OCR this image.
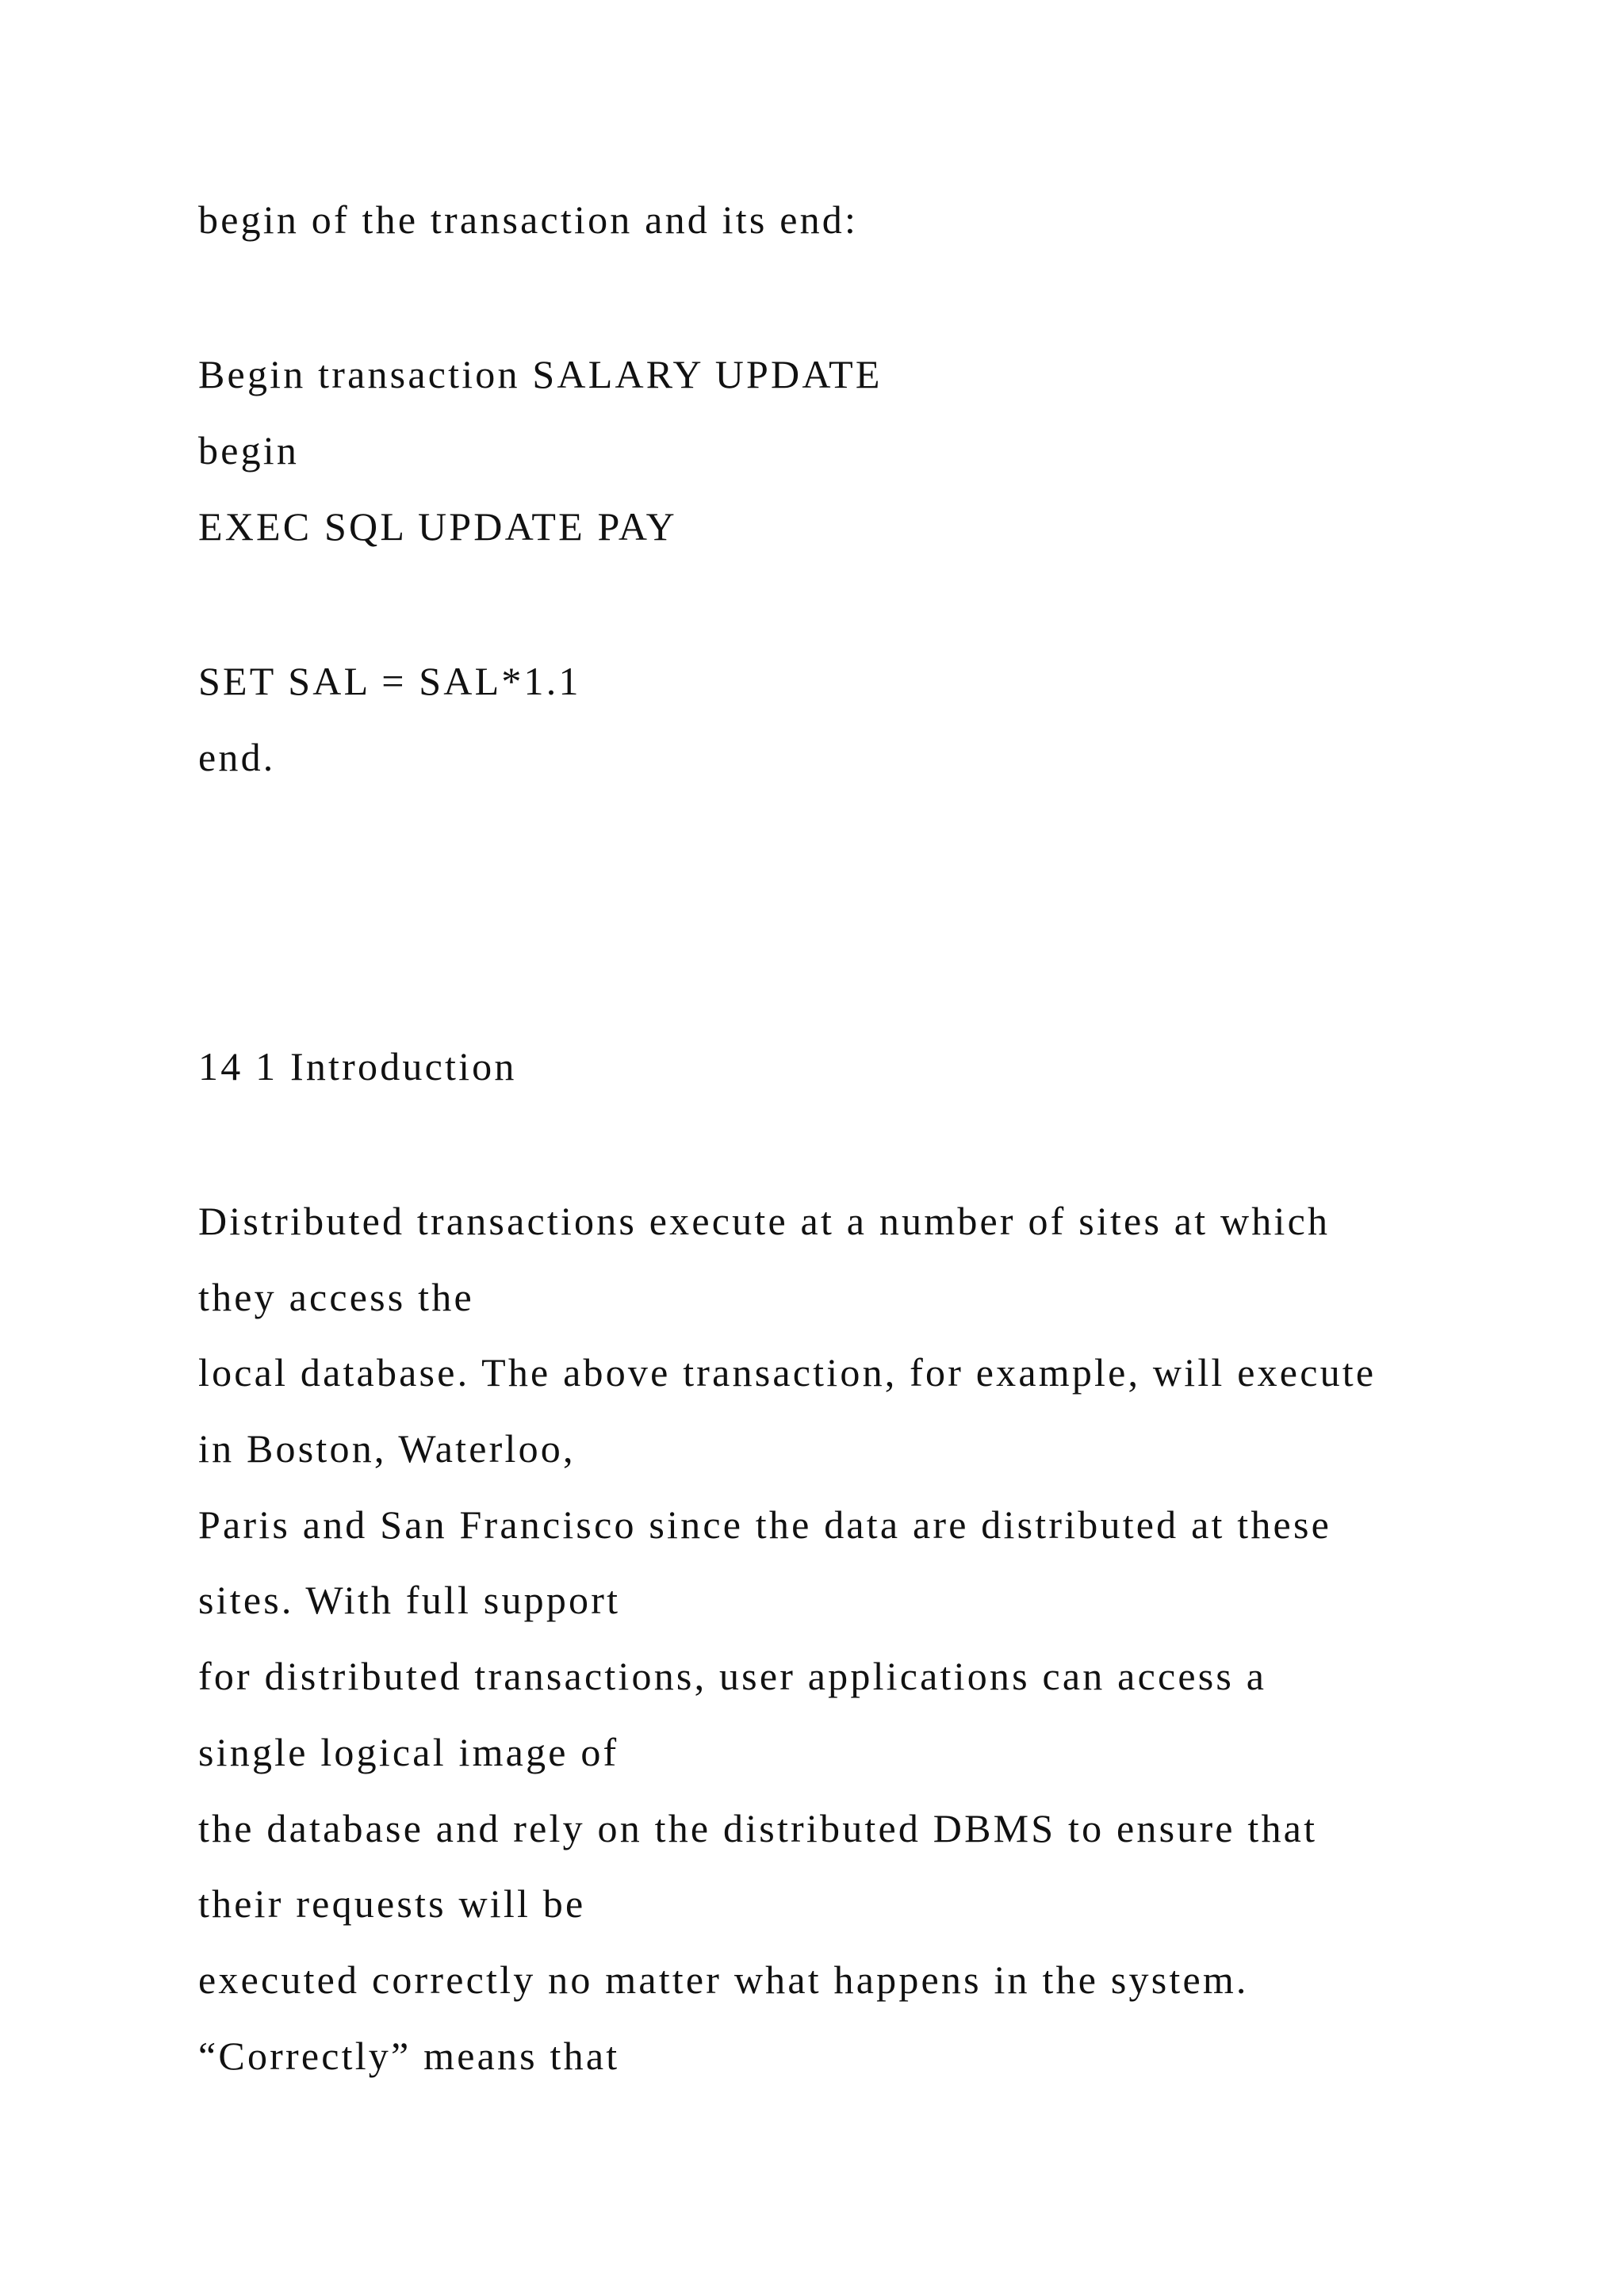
begin of the transaction and its end:

Begin transaction SALARY UPDATE

begin

EXEC SQL UPDATE PAY

SET SAL = SAL*1.1

end.

14 1 Introduction

Distributed transactions execute at a number of sites at which

they access the

local database. The above transaction, for example, will execute

in Boston, Waterloo,

Paris and San Francisco since the data are distributed at these

sites. With full support

for distributed transactions, user applications can access a

single logical image of

the database and rely on the distributed DBMS to ensure that

their requests will be

executed correctly no matter what happens in the system.

“Correctly” means that
